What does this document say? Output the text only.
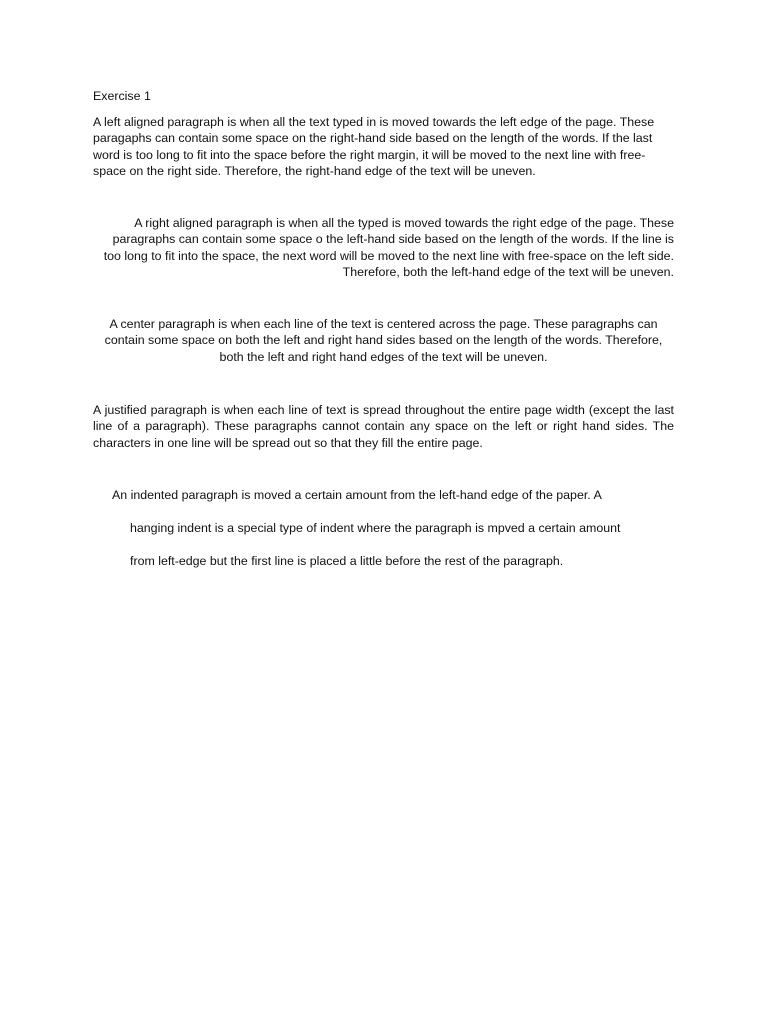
Exercise 1

A left aligned paragraph is when all the text typed in is moved towards the left edge of the page. These paragaphs can contain some space on the right-hand side based on the length of the words. If the last word is too long to fit into the space before the right margin, it will be moved to the next line with free-space on the right side. Therefore, the right-hand edge of the text will be uneven.

A right aligned paragraph is when all the typed is moved towards the right edge of the page. These paragraphs can contain some space o the left-hand side based on the length of the words. If the line is too long to fit into the space, the next word will be moved to the next line with free-space on the left side. Therefore, both the left-hand edge of the text will be uneven.

A center paragraph is when each line of the text is centered across the page. These paragraphs can contain some space on both the left and right hand sides based on the length of the words. Therefore, both the left and right hand edges of the text will be uneven.

A justified paragraph is when each line of text is spread throughout the entire page width (except the last line of a paragraph). These paragraphs cannot contain any space on the left or right hand sides. The characters in one line will be spread out so that they fill the entire page.

An indented paragraph is moved a certain amount from the left-hand edge of the paper. A
hanging indent is a special type of indent where the paragraph is mpved a certain amount
from left-edge but the first line is placed a little before the rest of the paragraph.
